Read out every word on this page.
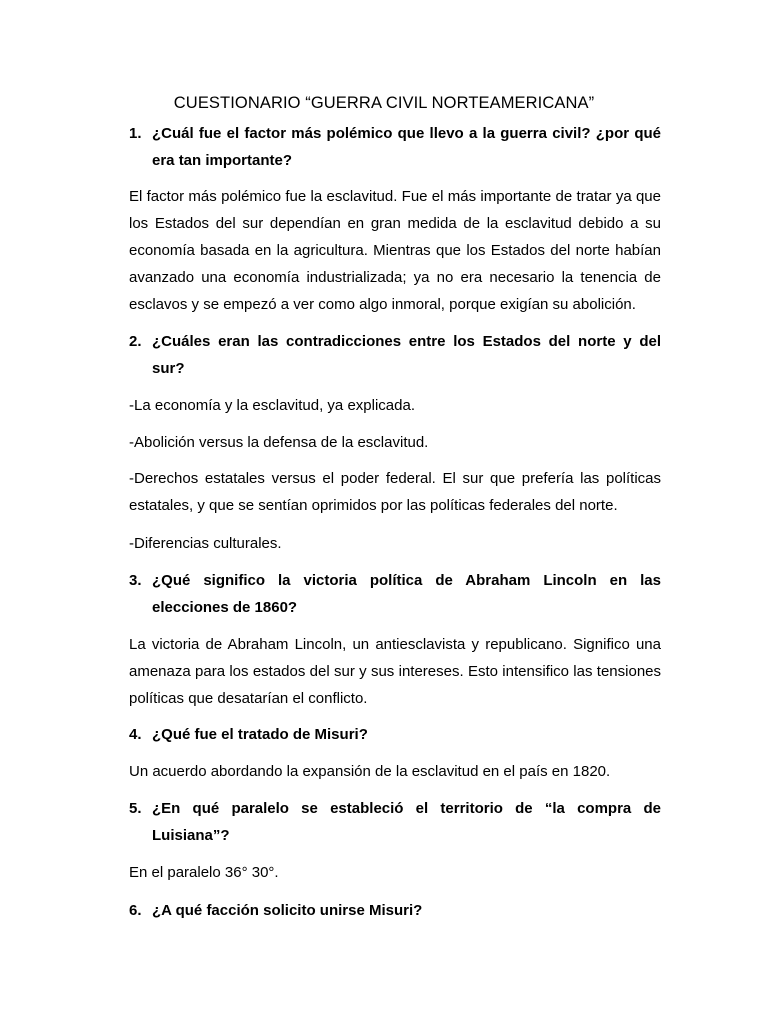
CUESTIONARIO “GUERRA CIVIL NORTEAMERICANA”
1. ¿Cuál fue el factor más polémico que llevo a la guerra civil? ¿por qué era tan importante?

El factor más polémico fue la esclavitud. Fue el más importante de tratar ya que los Estados del sur dependían en gran medida de la esclavitud debido a su economía basada en la agricultura. Mientras que los Estados del norte habían avanzado una economía industrializada; ya no era necesario la tenencia de esclavos y se empezó a ver como algo inmoral, porque exigían su abolición.

2. ¿Cuáles eran las contradicciones entre los Estados del norte y del sur?

-La economía y la esclavitud, ya explicada.

-Abolición versus la defensa de la esclavitud.

-Derechos estatales versus el poder federal. El sur que prefería las políticas estatales, y que se sentían oprimidos por las políticas federales del norte.

-Diferencias culturales.

3. ¿Qué significo la victoria política de Abraham Lincoln en las elecciones de 1860?

La victoria de Abraham Lincoln, un antiesclavista y republicano. Significo una amenaza para los estados del sur y sus intereses. Esto intensifico las tensiones políticas que desatarían el conflicto.

4. ¿Qué fue el tratado de Misuri?

Un acuerdo abordando la expansión de la esclavitud en el país en 1820.

5. ¿En qué paralelo se estableció el territorio de “la compra de Luisiana”?

En el paralelo 36° 30°.

6. ¿A qué facción solicito unirse Misuri?
